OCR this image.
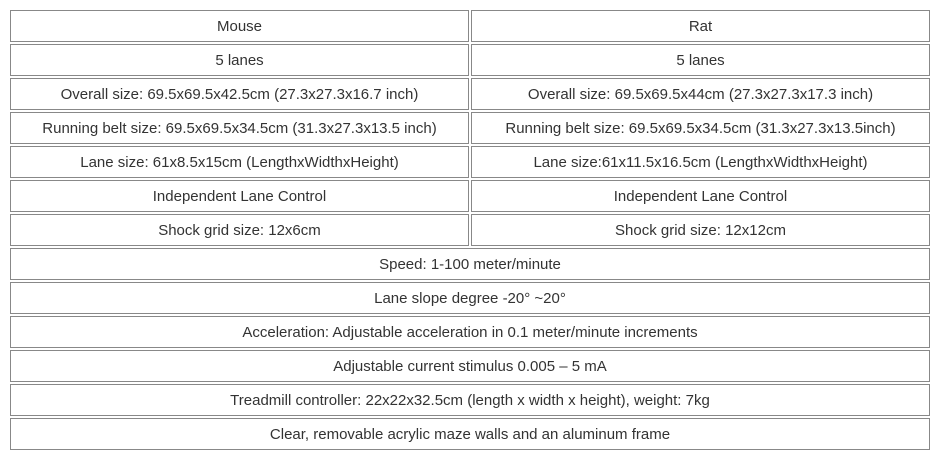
Mouse	Rat
5 lanes	5 lanes
Overall size: 69.5x69.5x42.5cm (27.3x27.3x16.7 inch)	Overall size: 69.5x69.5x44cm (27.3x27.3x17.3 inch)
Running belt size: 69.5x69.5x34.5cm (31.3x27.3x13.5 inch)	Running belt size: 69.5x69.5x34.5cm (31.3x27.3x13.5inch)
Lane size: 61x8.5x15cm (LengthxWidthxHeight)	Lane size:61x11.5x16.5cm (LengthxWidthxHeight)
Independent Lane Control	Independent Lane Control
Shock grid size: 12x6cm	Shock grid size: 12x12cm
Speed: 1-100 meter/minute	
Lane slope degree -20° ~20°	
Acceleration: Adjustable acceleration in 0.1 meter/minute increments	
Adjustable current stimulus 0.005 – 5 mA	
Treadmill controller: 22x22x32.5cm (length x width x height), weight: 7kg	
Clear, removable acrylic maze walls and an aluminum frame	
